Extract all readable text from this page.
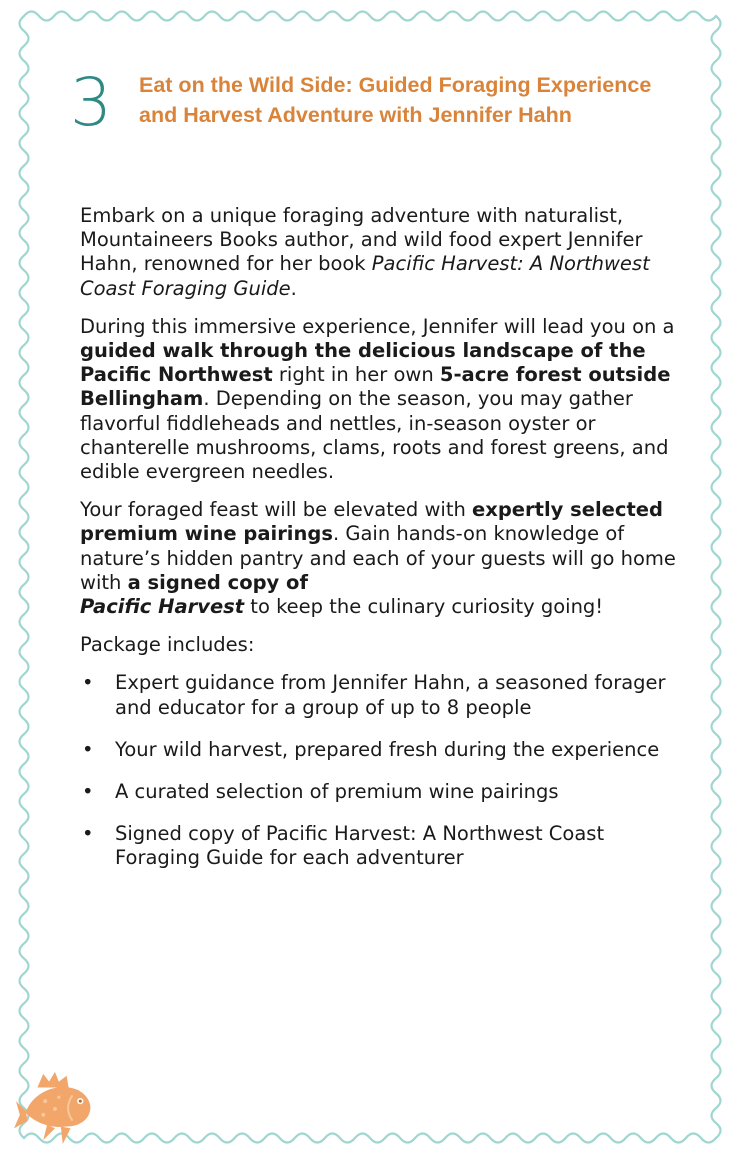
3 Eat on the Wild Side: Guided Foraging Experience
and Harvest Adventure with Jennifer Hahn

Embark on a unique foraging adventure with naturalist, Mountaineers Books author, and wild food expert Jennifer Hahn, renowned for her book Pacific Harvest: A Northwest Coast Foraging Guide.

During this immersive experience, Jennifer will lead you on a guided walk through the delicious landscape of the Pacific Northwest right in her own 5-acre forest outside Bellingham. Depending on the season, you may gather flavorful fiddleheads and nettles, in-season oyster or chanterelle mushrooms, clams, roots and forest greens, and edible evergreen needles.

Your foraged feast will be elevated with expertly selected premium wine pairings. Gain hands-on knowledge of nature’s hidden pantry and each of your guests will go home with a signed copy of
Pacific Harvest to keep the culinary curiosity going!

Package includes:

• Expert guidance from Jennifer Hahn, a seasoned forager and educator for a group of up to 8 people
• Your wild harvest, prepared fresh during the experience
• A curated selection of premium wine pairings
• Signed copy of Pacific Harvest: A Northwest Coast Foraging Guide for each adventurer
